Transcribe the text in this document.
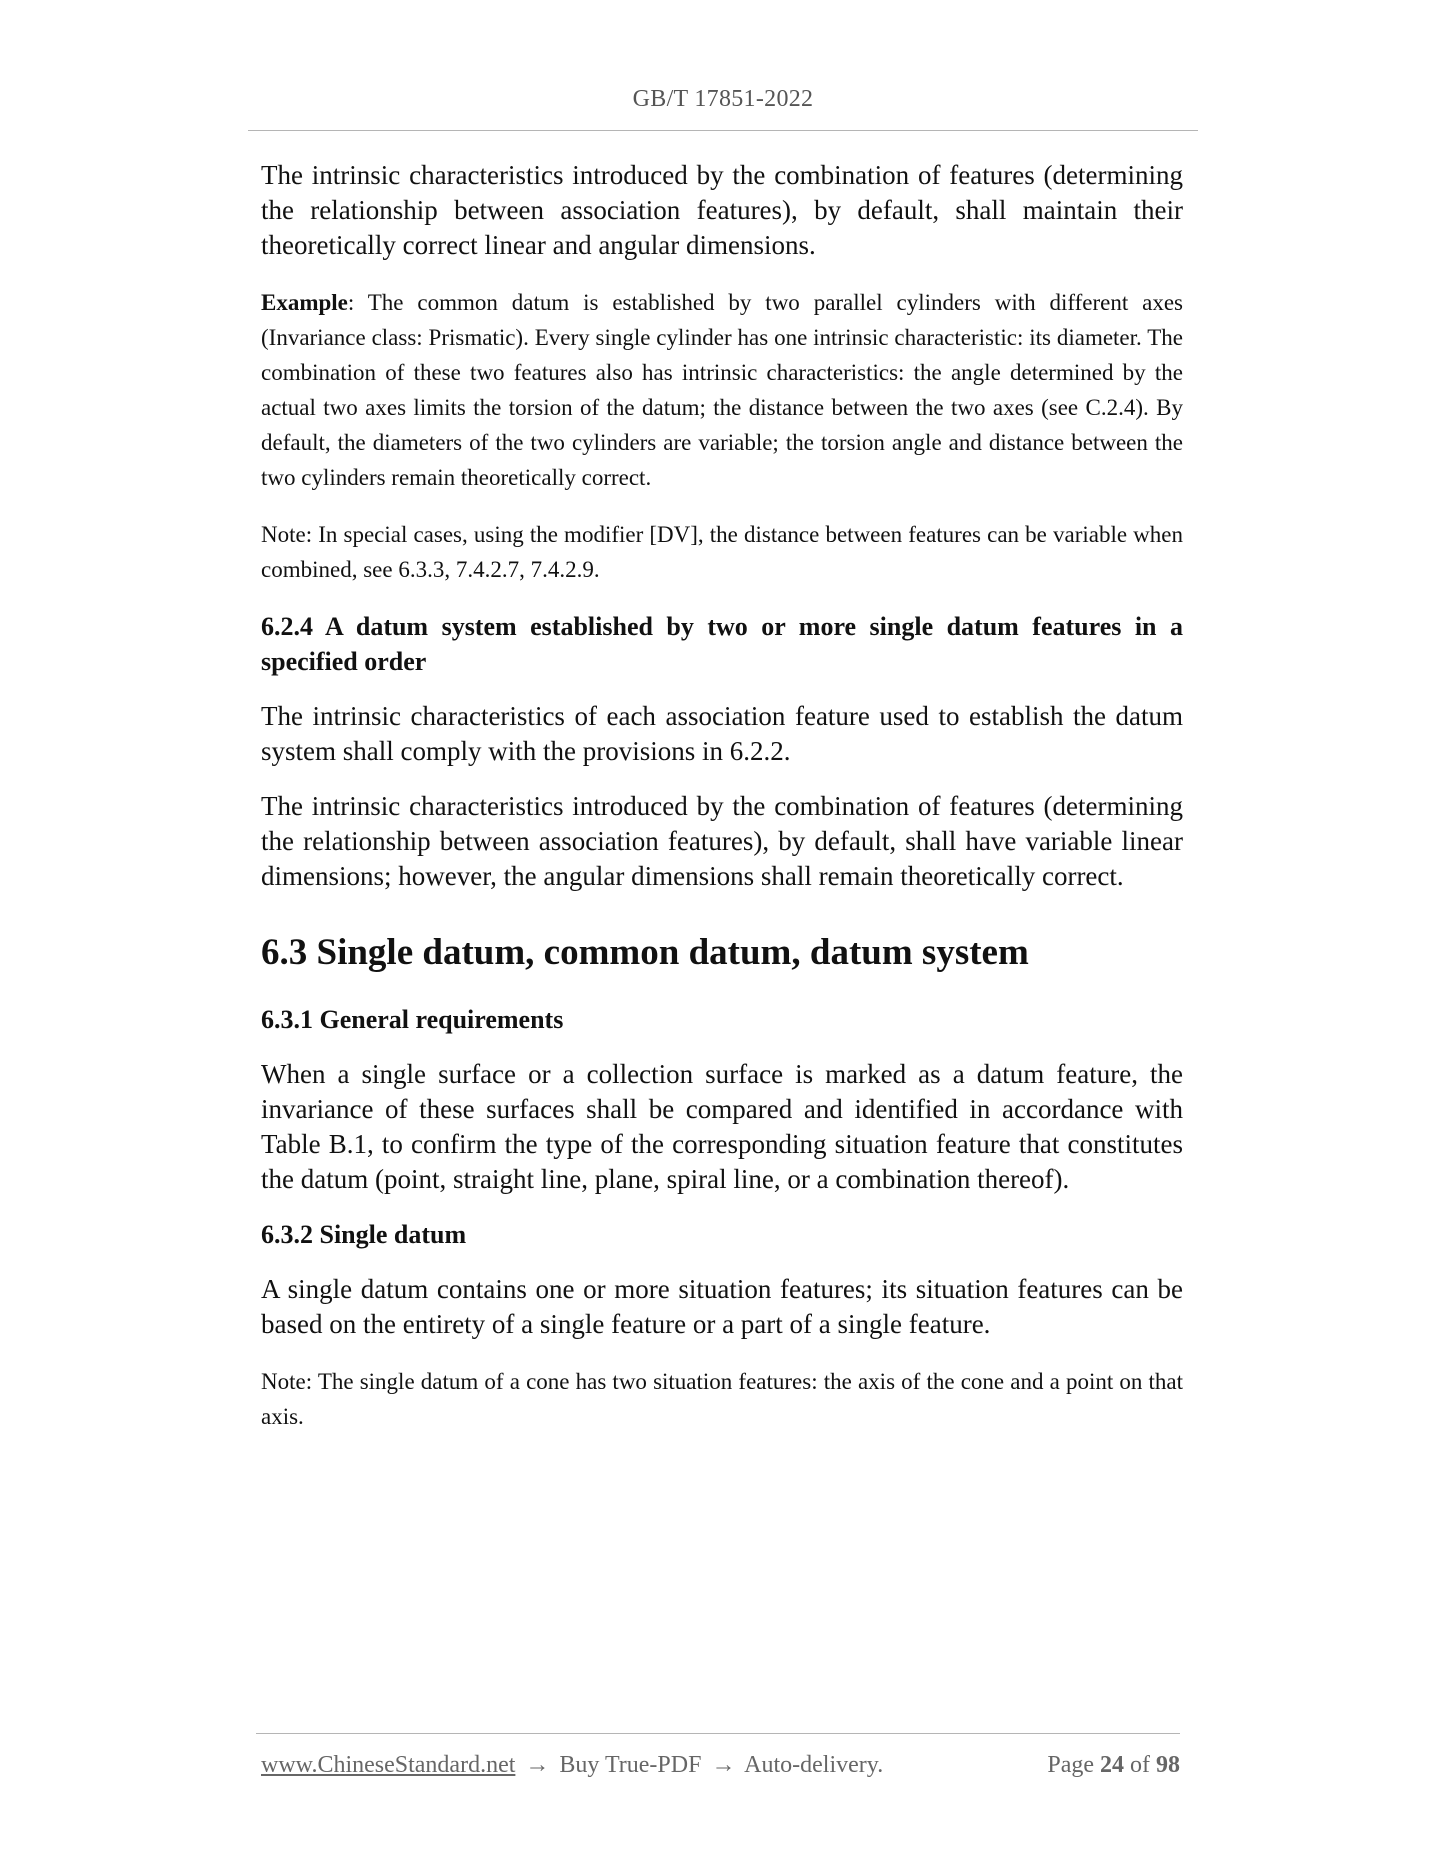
GB/T 17851-2022

The intrinsic characteristics introduced by the combination of features (determining the relationship between association features), by default, shall maintain their theoretically correct linear and angular dimensions.

Example: The common datum is established by two parallel cylinders with different axes (Invariance class: Prismatic). Every single cylinder has one intrinsic characteristic: its diameter. The combination of these two features also has intrinsic characteristics: the angle determined by the actual two axes limits the torsion of the datum; the distance between the two axes (see C.2.4). By default, the diameters of the two cylinders are variable; the torsion angle and distance between the two cylinders remain theoretically correct.

Note: In special cases, using the modifier [DV], the distance between features can be variable when combined, see 6.3.3, 7.4.2.7, 7.4.2.9.

6.2.4 A datum system established by two or more single datum features in a specified order

The intrinsic characteristics of each association feature used to establish the datum system shall comply with the provisions in 6.2.2.

The intrinsic characteristics introduced by the combination of features (determining the relationship between association features), by default, shall have variable linear dimensions; however, the angular dimensions shall remain theoretically correct.

6.3 Single datum, common datum, datum system

6.3.1 General requirements

When a single surface or a collection surface is marked as a datum feature, the invariance of these surfaces shall be compared and identified in accordance with Table B.1, to confirm the type of the corresponding situation feature that constitutes the datum (point, straight line, plane, spiral line, or a combination thereof).

6.3.2 Single datum

A single datum contains one or more situation features; its situation features can be based on the entirety of a single feature or a part of a single feature.

Note: The single datum of a cone has two situation features: the axis of the cone and a point on that axis.

www.ChineseStandard.net → Buy True-PDF → Auto-delivery.	Page 24 of 98
